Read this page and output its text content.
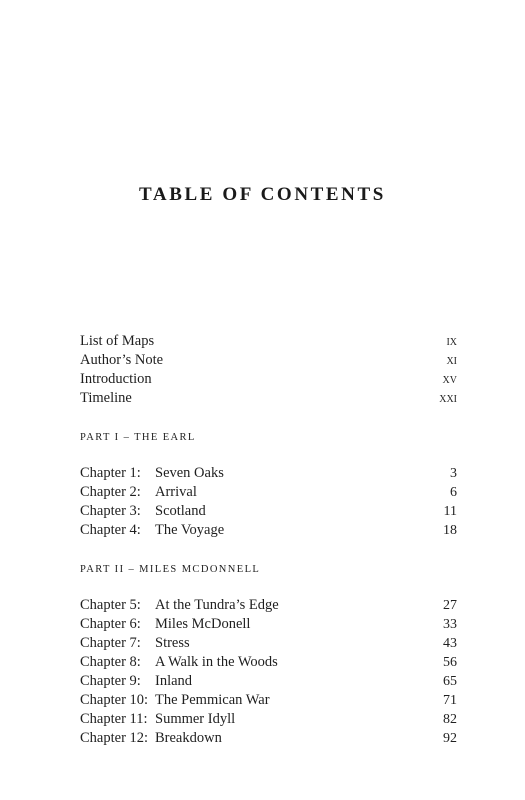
TABLE OF CONTENTS
List of Maps	ix
Author’s Note	xi
Introduction	xv
Timeline	xxi
PART I – THE EARL
Chapter 1: Seven Oaks	3
Chapter 2: Arrival	6
Chapter 3: Scotland	11
Chapter 4: The Voyage	18
PART II – MILES MCDONNELL
Chapter 5: At the Tundra’s Edge	27
Chapter 6: Miles McDonell	33
Chapter 7: Stress	43
Chapter 8: A Walk in the Woods	56
Chapter 9: Inland	65
Chapter 10: The Pemmican War	71
Chapter 11: Summer Idyll	82
Chapter 12: Breakdown	92
